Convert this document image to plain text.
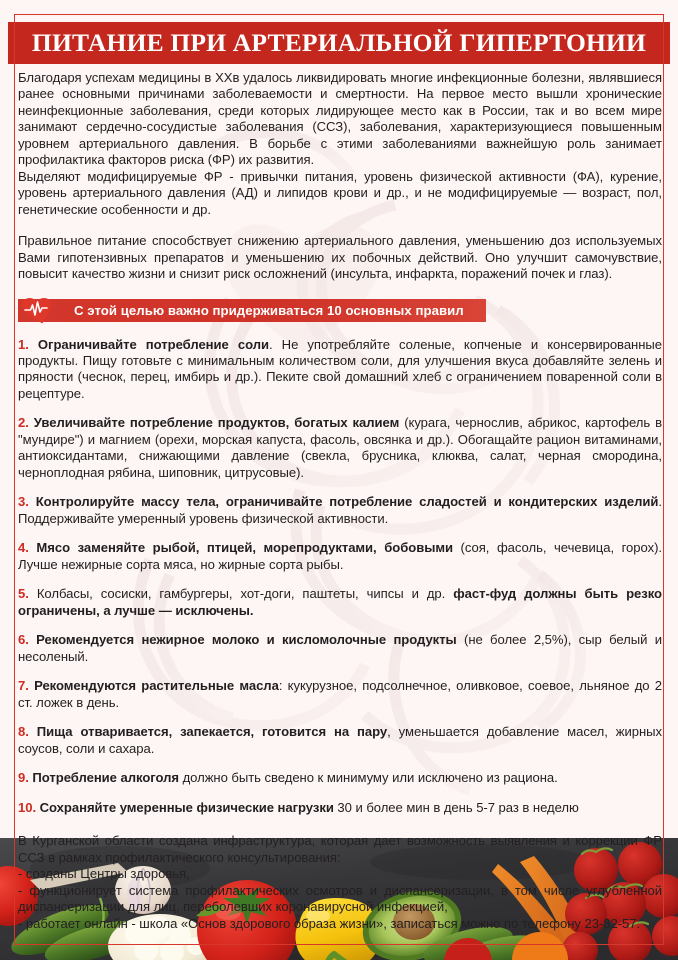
ПИТАНИЕ ПРИ АРТЕРИАЛЬНОЙ ГИПЕРТОНИИ

Благодаря успехам медицины в ХХв удалось ликвидировать многие инфекционные болезни, являвшиеся ранее основными причинами заболеваемости и смертности. На первое место вышли хронические неинфекционные заболевания, среди которых лидирующее место как в России, так и во всем мире занимают сердечно-сосудистые заболевания (ССЗ), заболевания, характеризующиеся повышенным уровнем артериального давления. В борьбе с этими заболеваниями важнейшую роль занимает профилактика факторов риска (ФР) их развития.

Выделяют модифицируемые ФР - привычки питания, уровень физической активности (ФА), курение, уровень артериального давления (АД) и липидов крови и др., и не модифицируемые — возраст, пол, генетические особенности и др.

Правильное питание способствует снижению артериального давления, уменьшению доз используемых Вами гипотензивных препаратов и уменьшению их побочных действий. Оно улучшит самочувствие, повысит качество жизни и снизит риск осложнений (инсульта, инфаркта, поражений почек и глаз).

С этой целью важно придерживаться 10 основных правил

1. Ограничивайте потребление соли. Не употребляйте соленые, копченые и консервированные продукты. Пищу готовьте с минимальным количеством соли, для улучшения вкуса добавляйте зелень и пряности (чеснок, перец, имбирь и др.). Пеките свой домашний хлеб с ограничением поваренной соли в рецептуре.

2. Увеличивайте потребление продуктов, богатых калием (курага, чернослив, абрикос, картофель в "мундире") и магнием (орехи, морская капуста, фасоль, овсянка и др.). Обогащайте рацион витаминами, антиоксидантами, снижающими давление (свекла, брусника, клюква, салат, черная смородина, черноплодная рябина, шиповник, цитрусовые).

3. Контролируйте массу тела, ограничивайте потребление сладостей и кондитерских изделий. Поддерживайте умеренный уровень физической активности.

4. Мясо заменяйте рыбой, птицей, морепродуктами, бобовыми (соя, фасоль, чечевица, горох). Лучше нежирные сорта мяса, но жирные сорта рыбы.

5. Колбасы, сосиски, гамбургеры, хот-доги, паштеты, чипсы и др. фаст-фуд должны быть резко ограничены, а лучше — исключены.

6. Рекомендуется нежирное молоко и кисломолочные продукты (не более 2,5%), сыр белый и несоленый.

7. Рекомендуются растительные масла: кукурузное, подсолнечное, оливковое, соевое, льняное до 2 ст. ложек в день.

8. Пища отваривается, запекается, готовится на пару, уменьшается добавление масел, жирных соусов, соли и сахара.

9. Потребление алкоголя должно быть сведено к минимуму или исключено из рациона.

10. Сохраняйте умеренные физические нагрузки 30 и более мин в день 5-7 раз в неделю

В Курганской области создана инфраструктура, которая дает возможность выявления и коррекции ФР ССЗ в рамках профилактического консультирования:

- созданы Центры здоровья,

- функционирует система профилактических осмотров и диспансеризации, в том числе углубленной диспансеризации для лиц, переболевших коронавирусной инфекцией,

- работает онлайн - школа «Основ здорового образа жизни», записаться можно по телефону 23-82-57.
